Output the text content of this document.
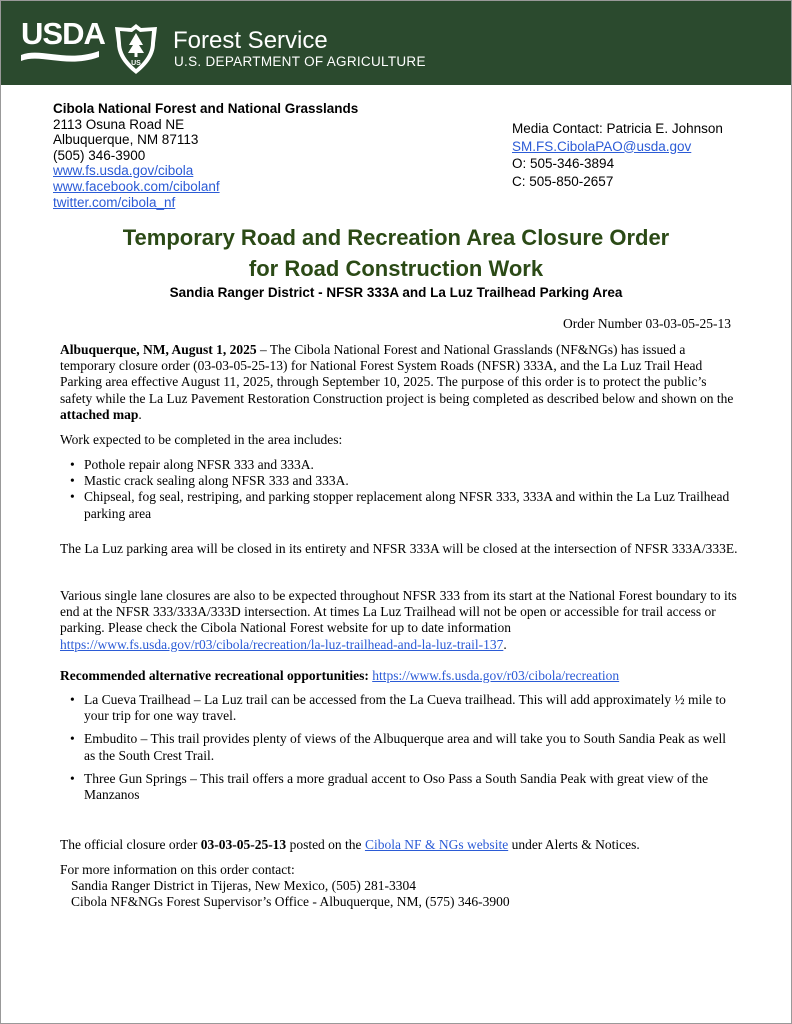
USDA
US
Forest Service
U.S. DEPARTMENT OF AGRICULTURE
Cibola National Forest and National Grasslands
2113 Osuna Road NE
Albuquerque, NM 87113
(505) 346-3900
www.fs.usda.gov/cibola
www.facebook.com/cibolanf
twitter.com/cibola_nf
Media Contact: Patricia E. Johnson
SM.FS.CibolaPAO@usda.gov
O: 505-346-3894
C: 505-850-2657
Temporary Road and Recreation Area Closure Order
for Road Construction Work
Sandia Ranger District - NFSR 333A and La Luz Trailhead Parking Area
Order Number 03-03-05-25-13
Albuquerque, NM, August 1, 2025 – The Cibola National Forest and National Grasslands (NF&NGs) has issued a temporary closure order (03-03-05-25-13) for National Forest System Roads (NFSR) 333A, and the La Luz Trail Head Parking area effective August 11, 2025, through September 10, 2025. The purpose of this order is to protect the public’s safety while the La Luz Pavement Restoration Construction project is being completed as described below and shown on the attached map.
Work expected to be completed in the area includes:
• Pothole repair along NFSR 333 and 333A.
• Mastic crack sealing along NFSR 333 and 333A.
• Chipseal, fog seal, restriping, and parking stopper replacement along NFSR 333, 333A and within the La Luz Trailhead parking area
The La Luz parking area will be closed in its entirety and NFSR 333A will be closed at the intersection of NFSR 333A/333E.
Various single lane closures are also to be expected throughout NFSR 333 from its start at the National Forest boundary to its end at the NFSR 333/333A/333D intersection. At times La Luz Trailhead will not be open or accessible for trail access or parking. Please check the Cibola National Forest website for up to date information https://www.fs.usda.gov/r03/cibola/recreation/la-luz-trailhead-and-la-luz-trail-137.
Recommended alternative recreational opportunities: https://www.fs.usda.gov/r03/cibola/recreation
• La Cueva Trailhead – La Luz trail can be accessed from the La Cueva trailhead. This will add approximately ½ mile to your trip for one way travel.
• Embudito – This trail provides plenty of views of the Albuquerque area and will take you to South Sandia Peak as well as the South Crest Trail.
• Three Gun Springs – This trail offers a more gradual accent to Oso Pass a South Sandia Peak with great view of the Manzanos
The official closure order 03-03-05-25-13 posted on the Cibola NF & NGs website under Alerts & Notices.
For more information on this order contact:
Sandia Ranger District in Tijeras, New Mexico, (505) 281-3304
Cibola NF&NGs Forest Supervisor’s Office - Albuquerque, NM, (575) 346-3900
